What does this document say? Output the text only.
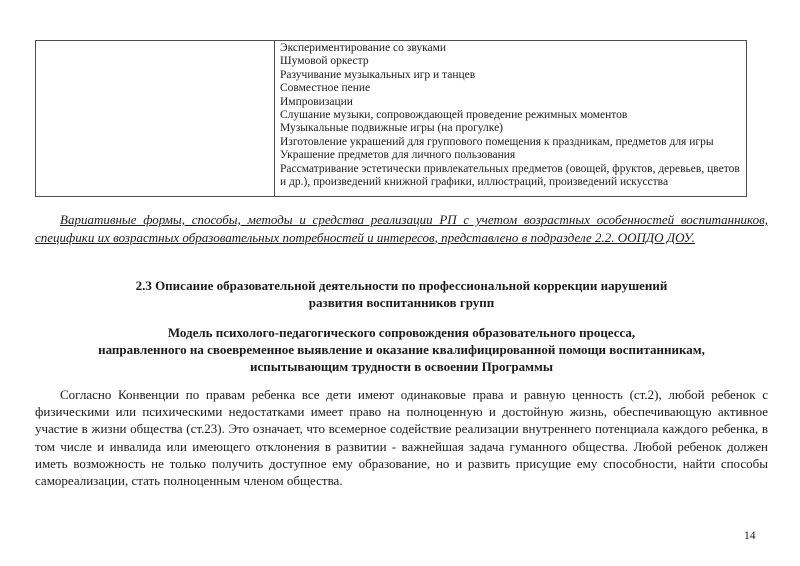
Экспериментирование со звуками
Шумовой оркестр
Разучивание музыкальных игр и танцев
Совместное пение
Импровизации
Слушание музыки, сопровождающей проведение режимных моментов
Музыкальные подвижные игры (на прогулке)
Изготовление украшений для группового помещения к праздникам, предметов для игры
Украшение предметов для личного пользования
Рассматривание эстетически привлекательных предметов (овощей, фруктов, деревьев, цветов и др.), произведений книжной графики, иллюстраций, произведений искусства

Вариативные формы, способы, методы и средства реализации РП с учетом возрастных особенностей воспитанников, специфики их возрастных образовательных потребностей и интересов, представлено в подразделе 2.2. ООПДО ДОУ.

2.3 Описание образовательной деятельности по профессиональной коррекции нарушений
развития воспитанников групп
Модель психолого-педагогического сопровождения образовательного процесса,
направленного на своевременное выявление и оказание квалифицированной помощи воспитанникам,
испытывающим трудности в освоении Программы

Согласно Конвенции по правам ребенка все дети имеют одинаковые права и равную ценность (ст.2), любой ребенок с физическими или психическими недостатками имеет право на полноценную и достойную жизнь, обеспечивающую активное участие в жизни общества (ст.23). Это означает, что всемерное содействие реализации внутреннего потенциала каждого ребенка, в том числе и инвалида или имеющего отклонения в развитии - важнейшая задача гуманного общества. Любой ребенок должен иметь возможность не только получить доступное ему образование, но и развить присущие ему способности, найти способы самореализации, стать полноценным членом общества.

14
